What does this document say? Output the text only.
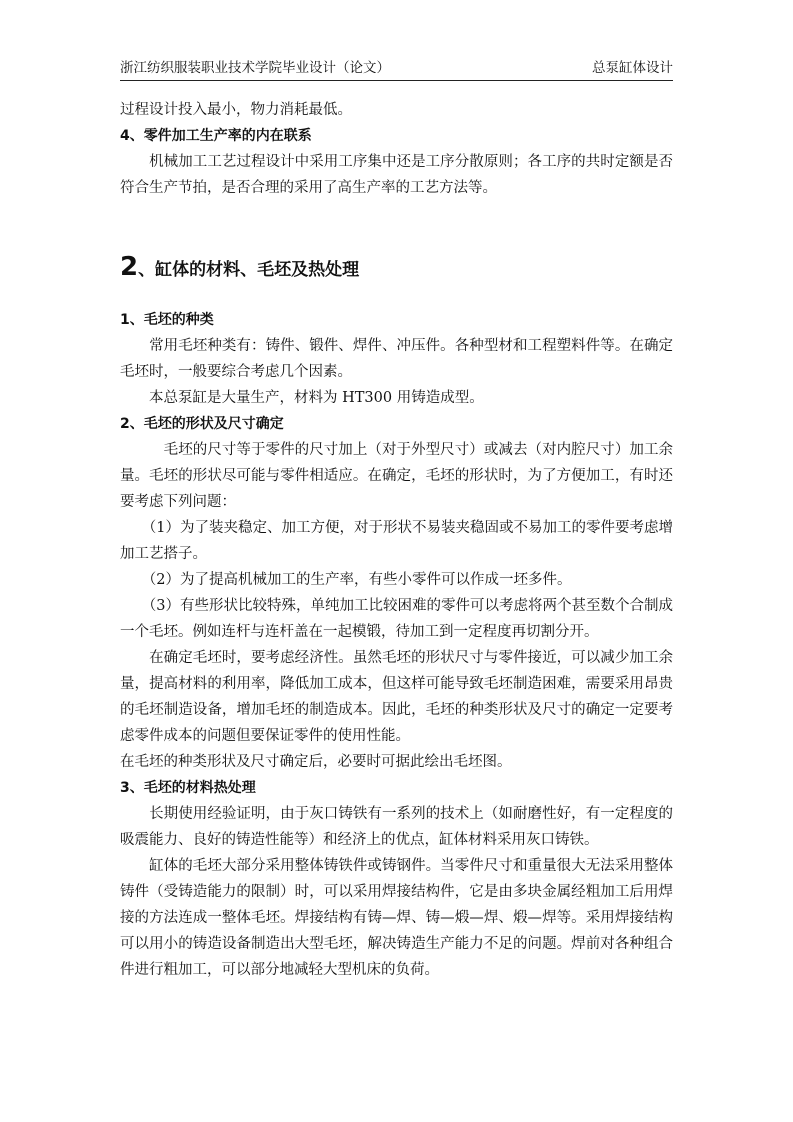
浙江纺织服装职业技术学院毕业设计（论文）	总泵缸体设计

过程设计投入最小，物力消耗最低。

4、零件加工生产率的内在联系

　　机械加工工艺过程设计中采用工序集中还是工序分散原则；各工序的共时定额是否符合生产节拍，是否合理的采用了高生产率的工艺方法等。

2、缸体的材料、毛坯及热处理

1、毛坯的种类

　　常用毛坯种类有：铸件、锻件、焊件、冲压件。各种型材和工程塑料件等。在确定毛坯时，一般要综合考虑几个因素。

　　本总泵缸是大量生产，材料为 HT300 用铸造成型。

2、毛坯的形状及尺寸确定

　　　毛坯的尺寸等于零件的尺寸加上（对于外型尺寸）或减去（对内腔尺寸）加工余量。毛坯的形状尽可能与零件相适应。在确定，毛坯的形状时，为了方便加工，有时还要考虑下列问题：

　　（1）为了装夹稳定、加工方便，对于形状不易装夹稳固或不易加工的零件要考虑增加工艺搭子。

　　（2）为了提高机械加工的生产率，有些小零件可以作成一坯多件。

　　（3）有些形状比较特殊，单纯加工比较困难的零件可以考虑将两个甚至数个合制成一个毛坯。例如连杆与连杆盖在一起模锻，待加工到一定程度再切割分开。

　　在确定毛坯时，要考虑经济性。虽然毛坯的形状尺寸与零件接近，可以减少加工余量，提高材料的利用率，降低加工成本，但这样可能导致毛坯制造困难，需要采用昂贵的毛坯制造设备，增加毛坯的制造成本。因此，毛坯的种类形状及尺寸的确定一定要考虑零件成本的问题但要保证零件的使用性能。

在毛坯的种类形状及尺寸确定后，必要时可据此绘出毛坯图。

3、毛坯的材料热处理

　　长期使用经验证明，由于灰口铸铁有一系列的技术上（如耐磨性好，有一定程度的吸震能力、良好的铸造性能等）和经济上的优点，缸体材料采用灰口铸铁。

　　缸体的毛坯大部分采用整体铸铁件或铸钢件。当零件尺寸和重量很大无法采用整体铸件（受铸造能力的限制）时，可以采用焊接结构件，它是由多块金属经粗加工后用焊接的方法连成一整体毛坯。焊接结构有铸—焊、铸—煅—焊、煅—焊等。采用焊接结构可以用小的铸造设备制造出大型毛坯，解决铸造生产能力不足的问题。焊前对各种组合件进行粗加工，可以部分地减轻大型机床的负荷。
